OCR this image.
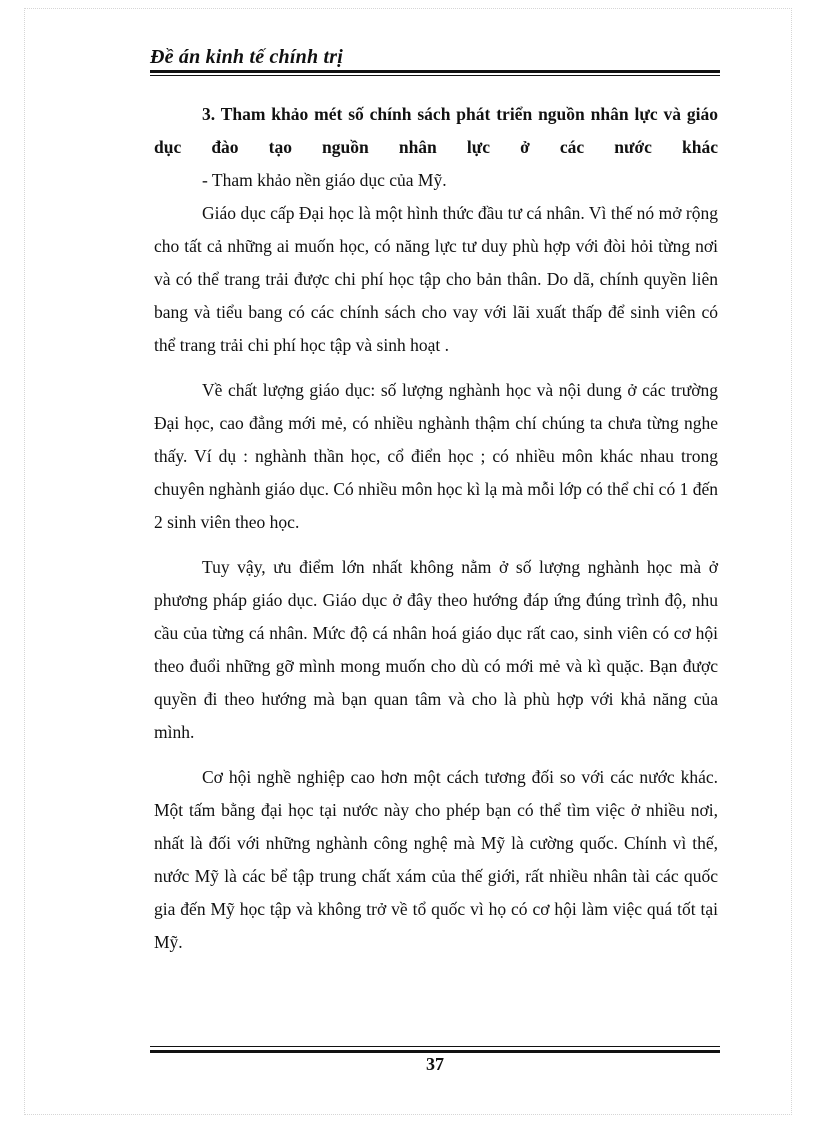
Đề án kinh tế chính trị

3. Tham khảo mét số chính sách phát triển nguồn nhân lực và giáo dục đào tạo nguồn nhân lực ở các nước khác

- Tham khảo nền giáo dục của Mỹ.

Giáo dục cấp Đại học là một hình thức đầu tư cá nhân. Vì thế nó mở rộng cho tất cả những ai muốn học, có năng lực tư duy phù hợp với đòi hỏi từng nơi và có thể trang trải được chi phí học tập cho bản thân. Do dã, chính quyền liên bang và tiểu bang có các chính sách cho vay với lãi xuất thấp để sinh viên có thể trang trải chi phí học tập và sinh hoạt .

Về chất lượng giáo dục: số lượng nghành học và nội dung ở các trường Đại học, cao đẳng mới mẻ, có nhiều nghành thậm chí chúng ta chưa từng nghe thấy. Ví dụ : nghành thần học, cổ điển học ; có nhiều môn khác nhau trong chuyên nghành giáo dục. Có nhiều môn học kì lạ mà mỗi lớp có thể chỉ có 1 đến 2 sinh viên theo học.

Tuy vậy, ưu điểm lớn nhất không nằm ở số lượng nghành học mà ở phương pháp giáo dục. Giáo dục ở đây theo hướng đáp ứng đúng trình độ, nhu cầu của từng cá nhân. Mức độ cá nhân hoá giáo dục rất cao, sinh viên có cơ hội theo đuổi những gỡ mình mong muốn cho dù có mới mẻ và kì quặc. Bạn được quyền đi theo hướng mà bạn quan tâm và cho là phù hợp với khả năng của mình.

Cơ hội nghề nghiệp cao hơn một cách tương đối so với các nước khác. Một tấm bằng đại học tại nước này cho phép bạn có thể tìm việc ở nhiều nơi, nhất là đối với những nghành công nghệ mà Mỹ là cường quốc. Chính vì thế, nước Mỹ là các bể tập trung chất xám của thế giới, rất nhiều nhân tài các quốc gia đến Mỹ học tập và không trở về tổ quốc vì họ có cơ hội làm việc quá tốt tại Mỹ.

37
